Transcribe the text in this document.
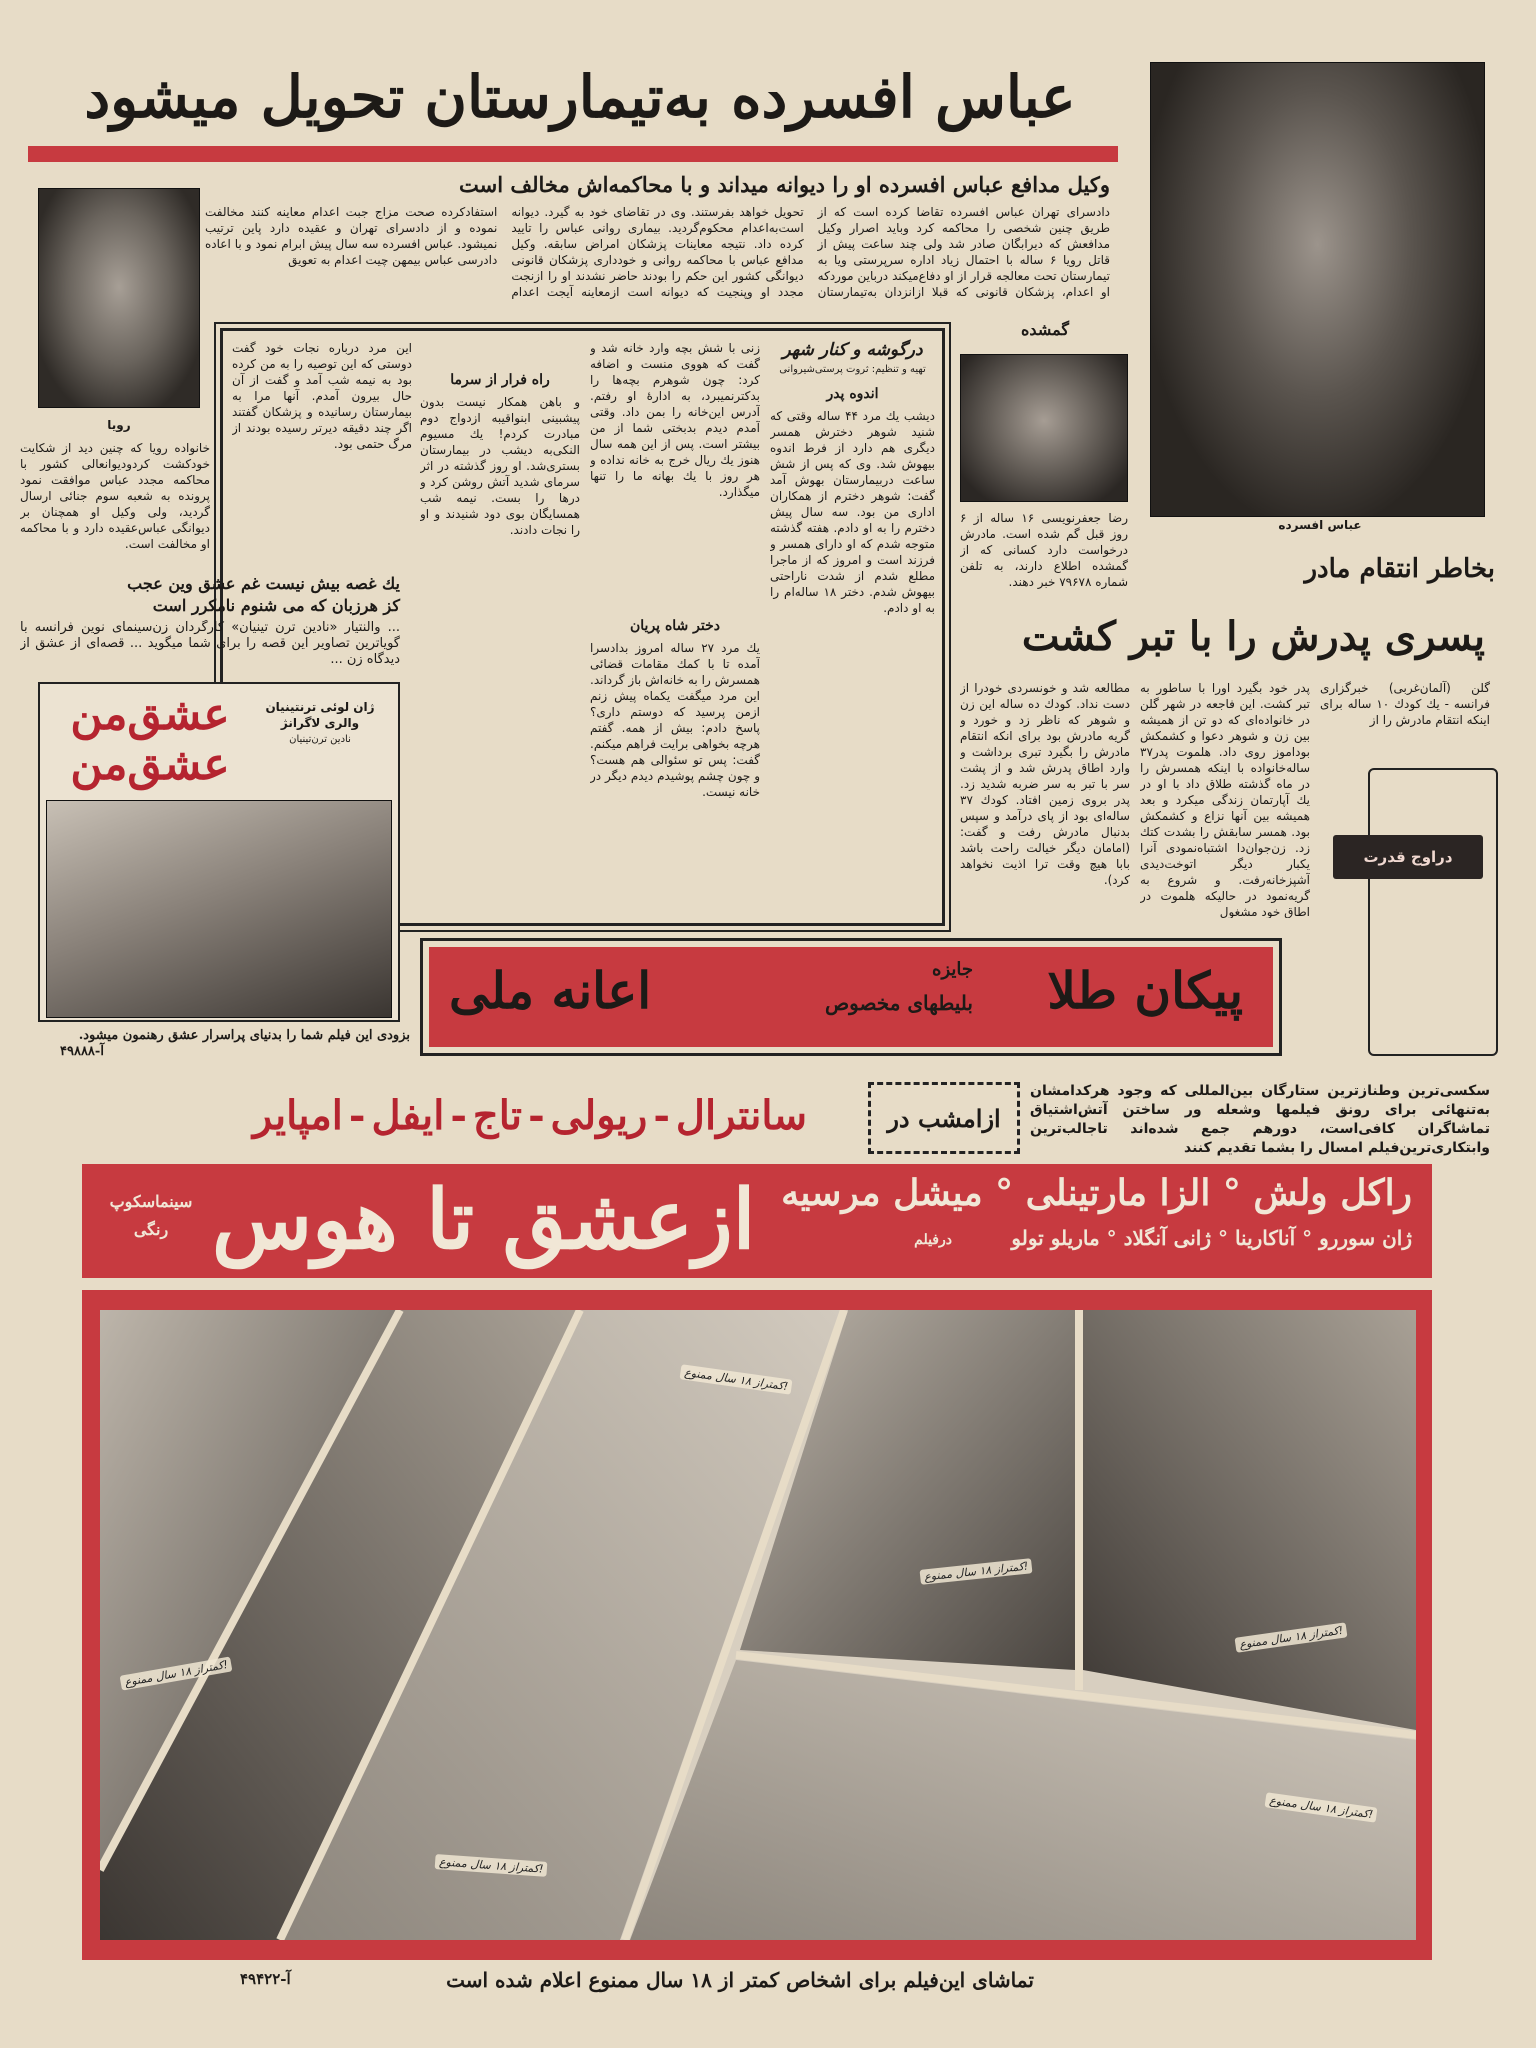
عباس افسرده
عباس افسرده به‌تیمارستان تحویل میشود
وکیل مدافع عباس افسرده او را دیوانه میداند و با محاکمه‌اش مخالف است
دادسرای تهران عباس افسرده تقاضا کرده است که از طریق چنین شخصی را محاکمه کرد وباید اصرار وکیل مدافعش که دیرابگان صادر شد ولی چند ساعت پیش از قاتل رویا ۶ ساله با احتمال زیاد اداره سرپرستی ویا به تیمارستان تحت معالجه قرار از او دفاع‌میکند درباین موردکه او اعدام، پزشکان قانونی که قبلا ازانزدان به‌تیمارستان تحویل خواهد بفرستند. وی در تقاضای خود به گیرد. دیوانه است‌به‌اعدام محکوم‌گردید. بیماری روانی عباس را تایید کرده داد. نتیجه معاینات پزشکان امراض سابقه. وکیل مدافع عباس با محاکمه روانی و خودداری پزشکان قانونی دیوانگی کشور این حکم را بودند حاضر نشدند او را ازنجت مجدد او وپنجیت که دیوانه است ازمعاینه آیجت اعدام استفادکرده صحت مزاج جبت اعدام معاینه کنند مخالفت نموده و از دادسرای تهران و عقیده دارد پاین ترتیب نمیشود. عباس افسرده سه سال پیش ابرام نمود و با اعاده دادرسی عباس بیمهن چیت اعدام به تعویق
رویا
خانواده رویا که چنین دید از شکایت خودکشت کردودیوانعالی کشور با محاکمه مجدد عباس موافقت نمود پرونده به شعبه سوم جنائی ارسال گردید، ولی وکیل او همچنان بر دیوانگی عباس‌عقیده دارد و با محاکمه او مخالفت است.
درگوشه و کنار شهر
تهیه و تنظیم: ثروت پرستی‌شیروانی
اندوه پدر
دیشب یك مرد ۴۴ ساله وقتی که شنید شوهر دخترش همسر دیگری هم دارد از فرط اندوه بیهوش شد. وی که پس از شش ساعت دربیمارستان بهوش آمد گفت: شوهر دخترم از همکاران اداری من بود. سه سال پیش دخترم را به او دادم. هفته گذشته متوجه شدم که او دارای همسر و فرزند است و امروز که از ماجرا مطلع شدم از شدت ناراحتی بیهوش شدم. دختر ۱۸ ساله‌ام را به او دادم.
دختر شاه پریان
یك مرد ۲۷ ساله امروز بدادسرا آمده تا با کمك مقامات قضائی همسرش را به خانه‌اش باز گرداند. این مرد میگفت یکماه پیش زنم ازمن پرسید که دوستم داری؟ پاسخ دادم: بیش از همه. گفتم هرچه بخواهی برایت فراهم میکنم. گفت: پس تو سئوالی هم هست؟ و چون چشم پوشیدم دیدم دیگر در خانه نیست.
زنی با شش بچه وارد خانه شد و گفت که هووی منست و اضافه کرد: چون شوهرم بچه‌ها را بدکترنمیبرد، به ادارهٔ او رفتم. آدرس این‌خانه را بمن داد. وقتی آمدم دیدم بدبختی شما از من بیشتر است. پس از این همه سال هنوز یك ریال خرج به خانه نداده و هر روز با یك بهانه ما را تنها میگذارد.
راه فرار از سرما
و باهن همکار نیست بدون پیشبینی ابنواقیبه ازدواج دوم مبادرت کردم! یك مسیوم النکی‌به دیشب در بیمارستان بستری‌شد. او روز گذشته در اثر سرمای شدید آتش روشن کرد و درها را بست. نیمه شب همسایگان بوی دود شنیدند و او را نجات دادند.
این مرد درباره نجات خود گفت دوستی که این توصیه را به من کرده بود به نیمه شب آمد و گفت از آن حال بیرون آمدم. آنها مرا به بیمارستان رسانیده و پزشکان گفتند اگر چند دقیقه دیرتر رسیده بودند از مرگ حتمی بود.
گمشده
رضا جعفرنویسی ۱۶ ساله از ۶ روز قبل گم شده است. مادرش درخواست دارد کسانی که از گمشده اطلاع دارند، به تلفن شماره ۷۹۶۷۸ خبر دهند.	بخاطر انتقام مادر
پسری پدرش را با تبر کشت
گلن (آلمان‌غربی) خبرگزاری فرانسه - یك كودك ۱۰ ساله برای اینکه انتقام مادرش را از
پدر خود بگیرد اورا با ساطور به تبر کشت. این فاجعه در شهر گلن در خانواده‌ای که دو تن از همیشه بین زن و شوهر دعوا و کشمکش بوداموز روی داد. هلموت پدر۳۷ ساله‌خانواده با اینکه همسرش را در ماه گذشته طلاق داد با او در یك آپارتمان زندگی میکرد و بعد همیشه بین آنها نزاع و کشمکش بود. همسر سابقش را بشدت کتك زد. زن‌جوان‌دا اشتباه‌نمودی آنرا یکبار دیگر اتوخت‌دیدی آشپزخانه‌رفت. و شروع به گریه‌نمود در حالیکه هلموت در اطاق خود مشغول
مطالعه شد و خونسردی خودرا از دست نداد. کودك ده ساله این زن و شوهر که ناظر زد و خورد و گریه مادرش بود برای انکه انتقام مادرش را بگیرد تبری برداشت و وارد اطاق پدرش شد و از پشت سر با تبر به سر ضربه شدید زد. پدر بروی زمین افتاد. کودك ۳۷ ساله‌ای بود از پای درآمد و سپس بدنبال مادرش رفت و گفت: (امامان دیگر خیالت راحت باشد بابا هیچ وقت ترا اذیت نخواهد کرد).
دراوج قدرت
یك غصه بیش نیست غم عشق وین عجب
كز هرزبان كه می شنوم نامكرر است
... والنتیار «نادین ترن تینیان» کارگردان زن‌سینمای نوین فرانسه با گویاترین تصاویر این قصه را برای شما میگوید ... قصه‌ای از عشق از دیدگاه زن ...
عشق‌من
عشق‌من
ژان لوئی ترنتینیان
والری لاگرانژ
نادین ترن‌تینیان
بزودی این فیلم شما را بدنیای پراسرار عشق رهنمون میشود.
آ-۴۹۸۸۸
پیکان طلا
جایزه
بلیطهای مخصوص
اعانه ملی
سکسی‌ترین وطنازترین ستارگان بین‌المللی که وجود هرکدامشان به‌تنهائی برای رونق فیلمها وشعله ور ساختن آتش‌اشتیاق تماشاگران کافی‌است، دورهم جمع شده‌اند تاجالب‌ترین وابتکاری‌ترین‌فیلم امسال را بشما تقدیم کنند
ازامشب در
سانترال
-
ریولی
-
تاج
-
ایفل
-
امپایر
راکل ولش ° الزا مارتینلی ° میشل مرسیه
ژان سوررو ° آناکارینا ° ژانی آنگلاد ° ماریلو تولو
درفیلم
ازعشق تا هوس
سینماسکوپ
رنگی
کمتراز ۱۸ سال ممنوع!
کمتراز ۱۸ سال ممنوع!
کمتراز ۱۸ سال ممنوع!
کمتراز ۱۸ سال ممنوع!
کمتراز ۱۸ سال ممنوع!
کمتراز ۱۸ سال ممنوع!
تماشای این‌فیلم برای اشخاص کمتر از ۱۸ سال ممنوع اعلام شده است
آ-۴۹۴۲۲
